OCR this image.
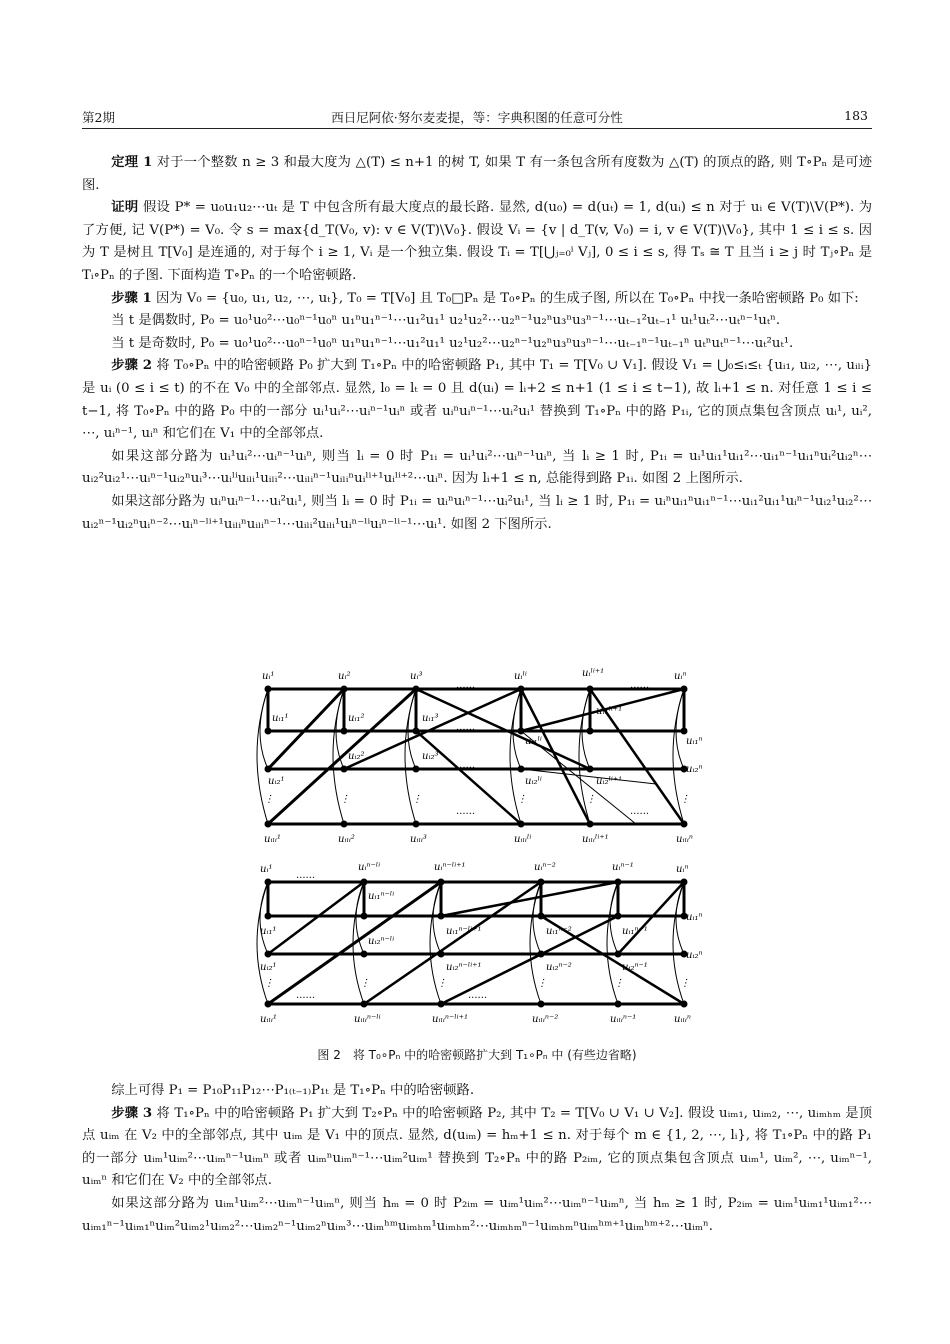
第2期	西日尼阿依·努尔麦麦提，等：字典积图的任意可分性	183

定理 1 对于一个整数 n ≥ 3 和最大度为 △(T) ≤ n+1 的树 T, 如果 T 有一条包含所有度数为 △(T) 的顶点的路, 则 T∘Pₙ 是可迹图.

证明 假设 P* = u₀u₁u₂⋯uₜ 是 T 中包含所有最大度点的最长路. 显然, d(u₀) = d(uₜ) = 1, d(uᵢ) ≤ n 对于 uᵢ ∈ V(T)\V(P*). 为了方便, 记 V(P*) = V₀. 令 s = max{d_T(V₀, v): v ∈ V(T)\V₀}. 假设 Vᵢ = {v | d_T(v, V₀) = i, v ∈ V(T)\V₀}, 其中 1 ≤ i ≤ s. 因为 T 是树且 T[V₀] 是连通的, 对于每个 i ≥ 1, Vᵢ 是一个独立集. 假设 Tᵢ = T[⋃ⱼ₌₀ⁱ Vⱼ], 0 ≤ i ≤ s, 得 Tₛ ≅ T 且当 i ≥ j 时 Tⱼ∘Pₙ 是 Tᵢ∘Pₙ 的子图. 下面构造 T∘Pₙ 的一个哈密顿路.

步骤 1 因为 V₀ = {u₀, u₁, u₂, ⋯, uₜ}, T₀ = T[V₀] 且 T₀□Pₙ 是 T₀∘Pₙ 的生成子图, 所以在 T₀∘Pₙ 中找一条哈密顿路 P₀ 如下:

当 t 是偶数时, P₀ = u₀¹u₀²⋯u₀ⁿ⁻¹u₀ⁿ u₁ⁿu₁ⁿ⁻¹⋯u₁²u₁¹ u₂¹u₂²⋯u₂ⁿ⁻¹u₂ⁿu₃ⁿu₃ⁿ⁻¹⋯uₜ₋₁²uₜ₋₁¹ uₜ¹uₜ²⋯uₜⁿ⁻¹uₜⁿ.

当 t 是奇数时, P₀ = u₀¹u₀²⋯u₀ⁿ⁻¹u₀ⁿ u₁ⁿu₁ⁿ⁻¹⋯u₁²u₁¹ u₂¹u₂²⋯u₂ⁿ⁻¹u₂ⁿu₃ⁿu₃ⁿ⁻¹⋯uₜ₋₁ⁿ⁻¹uₜ₋₁ⁿ uₜⁿuₜⁿ⁻¹⋯uₜ²uₜ¹.

步骤 2 将 T₀∘Pₙ 中的哈密顿路 P₀ 扩大到 T₁∘Pₙ 中的哈密顿路 P₁, 其中 T₁ = T[V₀ ∪ V₁]. 假设 V₁ = ⋃₀≤ᵢ≤ₜ {uᵢ₁, uᵢ₂, ⋯, uᵢₗᵢ} 是 uᵢ (0 ≤ i ≤ t) 的不在 V₀ 中的全部邻点. 显然, l₀ = lₜ = 0 且 d(uᵢ) = lᵢ+2 ≤ n+1 (1 ≤ i ≤ t−1), 故 lᵢ+1 ≤ n. 对任意 1 ≤ i ≤ t−1, 将 T₀∘Pₙ 中的路 P₀ 中的一部分 uᵢ¹uᵢ²⋯uᵢⁿ⁻¹uᵢⁿ 或者 uᵢⁿuᵢⁿ⁻¹⋯uᵢ²uᵢ¹ 替换到 T₁∘Pₙ 中的路 P₁ᵢ, 它的顶点集包含顶点 uᵢ¹, uᵢ², ⋯, uᵢⁿ⁻¹, uᵢⁿ 和它们在 V₁ 中的全部邻点.

如果这部分路为 uᵢ¹uᵢ²⋯uᵢⁿ⁻¹uᵢⁿ, 则当 lᵢ = 0 时 P₁ᵢ = uᵢ¹uᵢ²⋯uᵢⁿ⁻¹uᵢⁿ, 当 lᵢ ≥ 1 时, P₁ᵢ = uᵢ¹uᵢ₁¹uᵢ₁²⋯uᵢ₁ⁿ⁻¹uᵢ₁ⁿuᵢ²uᵢ₂ⁿ⋯uᵢ₂²uᵢ₂¹⋯uᵢⁿ⁻¹uᵢ₂ⁿuᵢ³⋯uᵢˡⁱuᵢₗᵢ¹uᵢₗᵢ²⋯uᵢₗᵢⁿ⁻¹uᵢₗᵢⁿuᵢˡⁱ⁺¹uᵢˡⁱ⁺²⋯uᵢⁿ. 因为 lᵢ+1 ≤ n, 总能得到路 P₁ᵢ. 如图 2 上图所示.

如果这部分路为 uᵢⁿuᵢⁿ⁻¹⋯uᵢ²uᵢ¹, 则当 lᵢ = 0 时 P₁ᵢ = uᵢⁿuᵢⁿ⁻¹⋯uᵢ²uᵢ¹, 当 lᵢ ≥ 1 时, P₁ᵢ = uᵢⁿuᵢ₁ⁿuᵢ₁ⁿ⁻¹⋯uᵢ₁²uᵢ₁¹uᵢⁿ⁻¹uᵢ₂¹uᵢ₂²⋯uᵢ₂ⁿ⁻¹uᵢ₂ⁿuᵢⁿ⁻²⋯uᵢⁿ⁻ˡⁱ⁺¹uᵢₗᵢⁿuᵢₗᵢⁿ⁻¹⋯uᵢₗᵢ²uᵢₗᵢ¹uᵢⁿ⁻ˡⁱuᵢⁿ⁻ˡⁱ⁻¹⋯uᵢ¹. 如图 2 下图所示.

uᵢ¹	uᵢ²	uᵢ³	uᵢˡⁱ	uᵢˡⁱ⁺¹	uᵢⁿ
uᵢ₁¹	uᵢ₁²	uᵢ₁³
uᵢ₁ˡⁱ
uᵢ₁ˡⁱ⁺¹
uᵢ₁ⁿ
uᵢ₂¹
uᵢ₂²	uᵢ₂³
uᵢ₂ˡⁱ	uᵢ₂ˡⁱ⁺¹
uᵢ₂ⁿ
uᵢₗᵢ¹	uᵢₗᵢ²	uᵢₗᵢ³	uᵢₗᵢˡⁱ	uᵢₗᵢˡⁱ⁺¹	uᵢₗᵢⁿ
......	......
......
......
......	......
⋮	⋮	⋮	⋮	⋮	⋮
uᵢ¹	uᵢⁿ⁻ˡⁱ	uᵢⁿ⁻ˡⁱ⁺¹	uᵢⁿ⁻²	uᵢⁿ⁻¹	uᵢⁿ
uᵢ₁¹
uᵢ₁ⁿ⁻ˡⁱ
uᵢ₁ⁿ⁻ˡⁱ⁺¹	uᵢ₁ⁿ⁻²	uᵢ₁ⁿ⁻¹
uᵢ₁ⁿ
uᵢ₂¹
uᵢ₂ⁿ⁻ˡⁱ
uᵢ₂ⁿ⁻ˡⁱ⁺¹	uᵢ₂ⁿ⁻²	uᵢ₂ⁿ⁻¹
uᵢ₂ⁿ
uᵢₗᵢ¹	uᵢₗᵢⁿ⁻ˡⁱ	uᵢₗᵢⁿ⁻ˡⁱ⁺¹	uᵢₗᵢⁿ⁻²	uᵢₗᵢⁿ⁻¹	uᵢₗᵢⁿ
......
......	......
⋮	⋮	⋮	⋮	⋮	⋮
图 2　将 T₀∘Pₙ 中的哈密顿路扩大到 T₁∘Pₙ 中 (有些边省略)

综上可得 P₁ = P₁₀P₁₁P₁₂⋯P₁₍ₜ₋₁₎P₁ₜ 是 T₁∘Pₙ 中的哈密顿路.

步骤 3 将 T₁∘Pₙ 中的哈密顿路 P₁ 扩大到 T₂∘Pₙ 中的哈密顿路 P₂, 其中 T₂ = T[V₀ ∪ V₁ ∪ V₂]. 假设 uᵢₘ₁, uᵢₘ₂, ⋯, uᵢₘₕₘ 是顶点 uᵢₘ 在 V₂ 中的全部邻点, 其中 uᵢₘ 是 V₁ 中的顶点. 显然, d(uᵢₘ) = hₘ+1 ≤ n. 对于每个 m ∈ {1, 2, ⋯, lᵢ}, 将 T₁∘Pₙ 中的路 P₁ 的一部分 uᵢₘ¹uᵢₘ²⋯uᵢₘⁿ⁻¹uᵢₘⁿ 或者 uᵢₘⁿuᵢₘⁿ⁻¹⋯uᵢₘ²uᵢₘ¹ 替换到 T₂∘Pₙ 中的路 P₂ᵢₘ, 它的顶点集包含顶点 uᵢₘ¹, uᵢₘ², ⋯, uᵢₘⁿ⁻¹, uᵢₘⁿ 和它们在 V₂ 中的全部邻点.

如果这部分路为 uᵢₘ¹uᵢₘ²⋯uᵢₘⁿ⁻¹uᵢₘⁿ, 则当 hₘ = 0 时 P₂ᵢₘ = uᵢₘ¹uᵢₘ²⋯uᵢₘⁿ⁻¹uᵢₘⁿ, 当 hₘ ≥ 1 时, P₂ᵢₘ = uᵢₘ¹uᵢₘ₁¹uᵢₘ₁²⋯uᵢₘ₁ⁿ⁻¹uᵢₘ₁ⁿuᵢₘ²uᵢₘ₂¹uᵢₘ₂²⋯uᵢₘ₂ⁿ⁻¹uᵢₘ₂ⁿuᵢₘ³⋯uᵢₘʰᵐuᵢₘₕₘ¹uᵢₘₕₘ²⋯uᵢₘₕₘⁿ⁻¹uᵢₘₕₘⁿuᵢₘʰᵐ⁺¹uᵢₘʰᵐ⁺²⋯uᵢₘⁿ.
